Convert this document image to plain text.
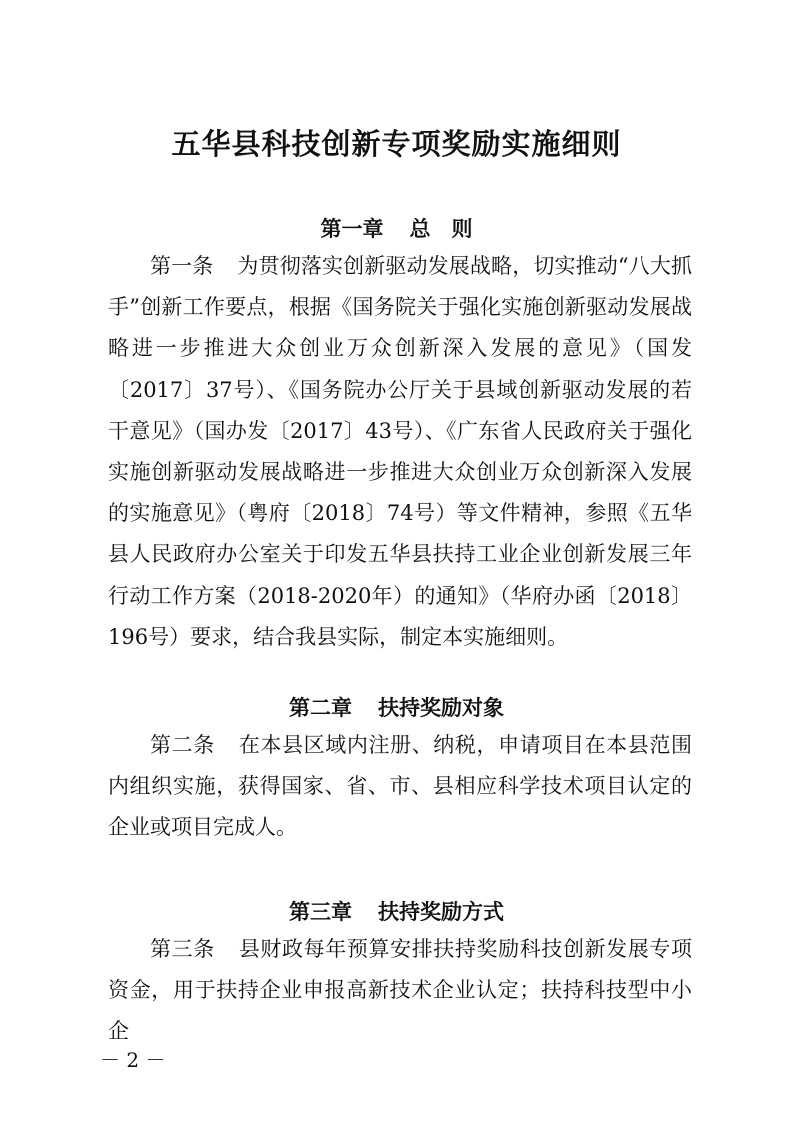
五华县科技创新专项奖励实施细则
第一章 总　则

第一条 为贯彻落实创新驱动发展战略，切实推动“八大抓手”创新工作要点，根据《国务院关于强化实施创新驱动发展战略进一步推进大众创业万众创新深入发展的意见》（国发〔2017〕37号）、《国务院办公厅关于县域创新驱动发展的若干意见》（国办发〔2017〕43号）、《广东省人民政府关于强化实施创新驱动发展战略进一步推进大众创业万众创新深入发展的实施意见》（粤府〔2018〕74号）等文件精神，参照《五华县人民政府办公室关于印发五华县扶持工业企业创新发展三年行动工作方案（2018-2020年）的通知》（华府办函〔2018〕196号）要求，结合我县实际，制定本实施细则。

第二章 扶持奖励对象

第二条 在本县区域内注册、纳税，申请项目在本县范围内组织实施，获得国家、省、市、县相应科学技术项目认定的企业或项目完成人。

第三章 扶持奖励方式

第三条 县财政每年预算安排扶持奖励科技创新发展专项资金，用于扶持企业申报高新技术企业认定；扶持科技型中小企

－ 2 －
